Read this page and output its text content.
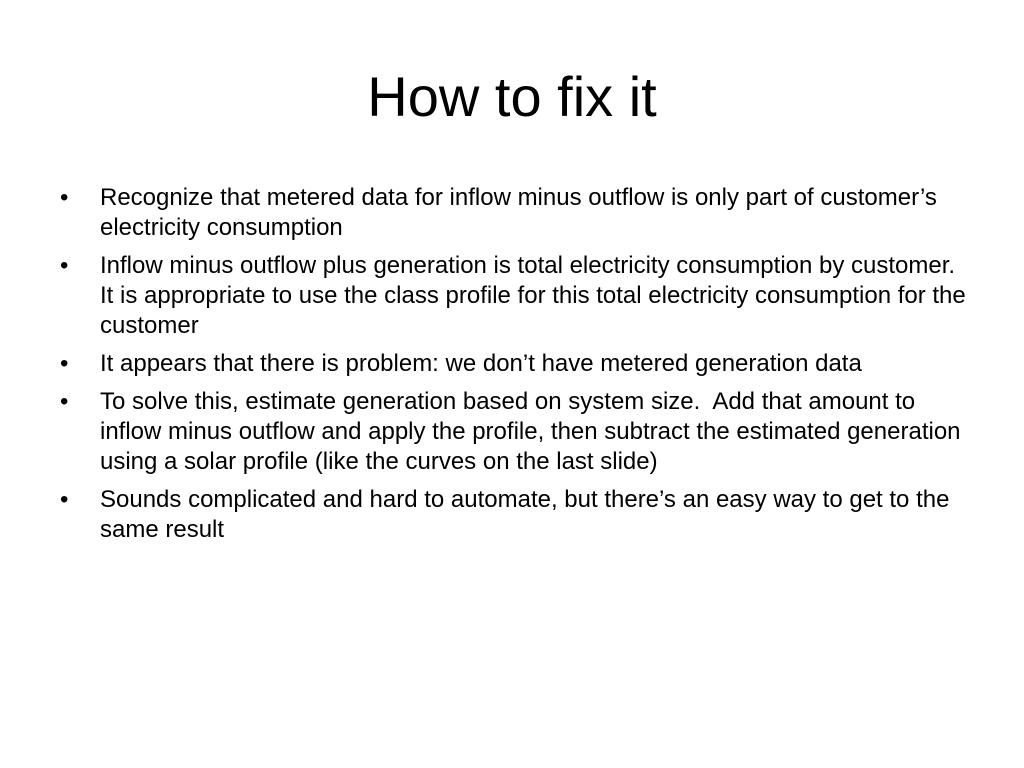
How to fix it
•	Recognize that metered data for inflow minus outflow is only part of customer’s electricity consumption
•	Inflow minus outflow plus generation is total electricity consumption by customer.  It is appropriate to use the class profile for this total electricity consumption for the customer
•	It appears that there is problem: we don’t have metered generation data
•	To solve this, estimate generation based on system size.  Add that amount to inflow minus outflow and apply the profile, then subtract the estimated generation using a solar profile (like the curves on the last slide)
•	Sounds complicated and hard to automate, but there’s an easy way to get to the same result
